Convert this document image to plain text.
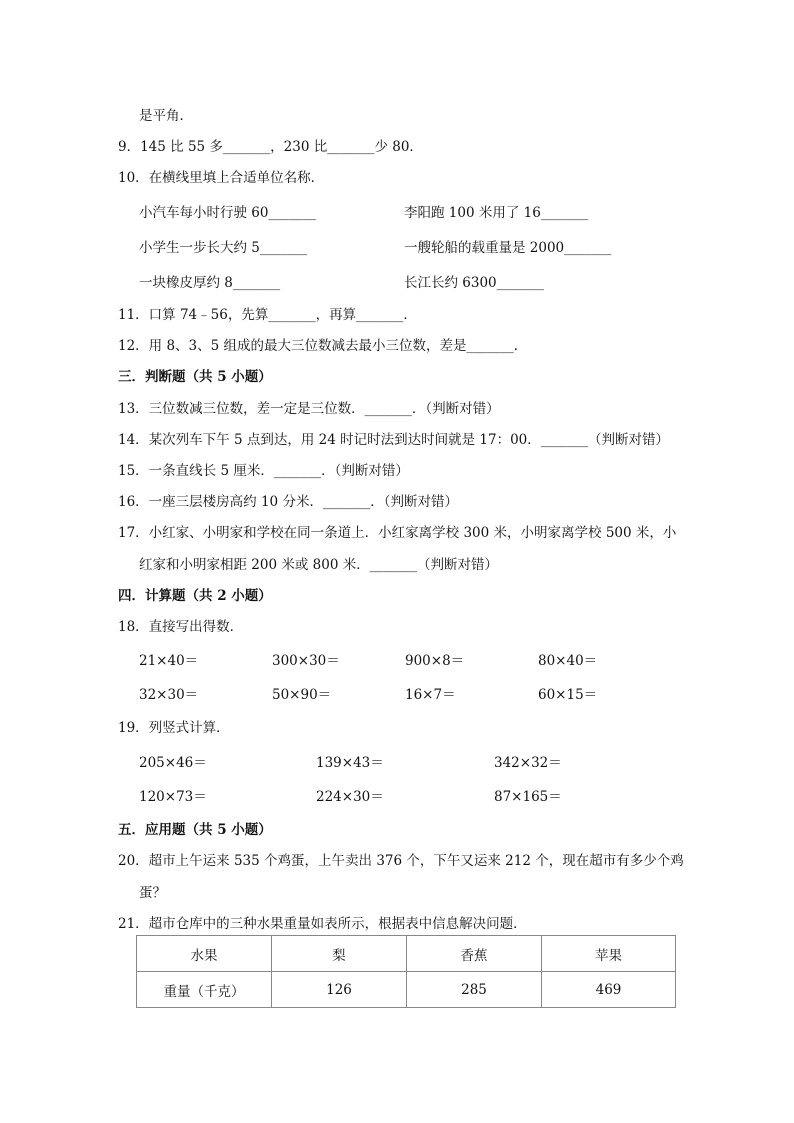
是平角．
9．145 比 55 多_______，230 比_______少 80．
10．在横线里填上合适单位名称．
小汽车每小时行驶 60_______	李阳跑 100 米用了 16_______
小学生一步长大约 5_______	一艘轮船的载重量是 2000_______
一块橡皮厚约 8_______	长江长约 6300_______
11．口算 74﹣56，先算_______，再算_______．
12．用 8、3、5 组成的最大三位数减去最小三位数，差是_______．
三．判断题（共 5 小题）
13．三位数减三位数，差一定是三位数．_______．（判断对错）
14．某次列车下午 5 点到达，用 24 时记时法到达时间就是 17：00．_______（判断对错）
15．一条直线长 5 厘米．_______．（判断对错）
16．一座三层楼房高约 10 分米．_______．（判断对错）
17．小红家、小明家和学校在同一条道上．小红家离学校 300 米，小明家离学校 500 米，小
红家和小明家相距 200 米或 800 米．_______（判断对错）
四．计算题（共 2 小题）
18．直接写出得数．
21×40＝	300×30＝	900×8＝	80×40＝
32×30＝	50×90＝	16×7＝	60×15＝
19．列竖式计算．
205×46＝	139×43＝	342×32＝
120×73＝	224×30＝	87×165＝
五．应用题（共 5 小题）
20．超市上午运来 535 个鸡蛋，上午卖出 376 个，下午又运来 212 个，现在超市有多少个鸡
蛋？
21．超市仓库中的三种水果重量如表所示，根据表中信息解决问题．
水果	梨	香蕉	苹果
重量（千克）	126	285	469
